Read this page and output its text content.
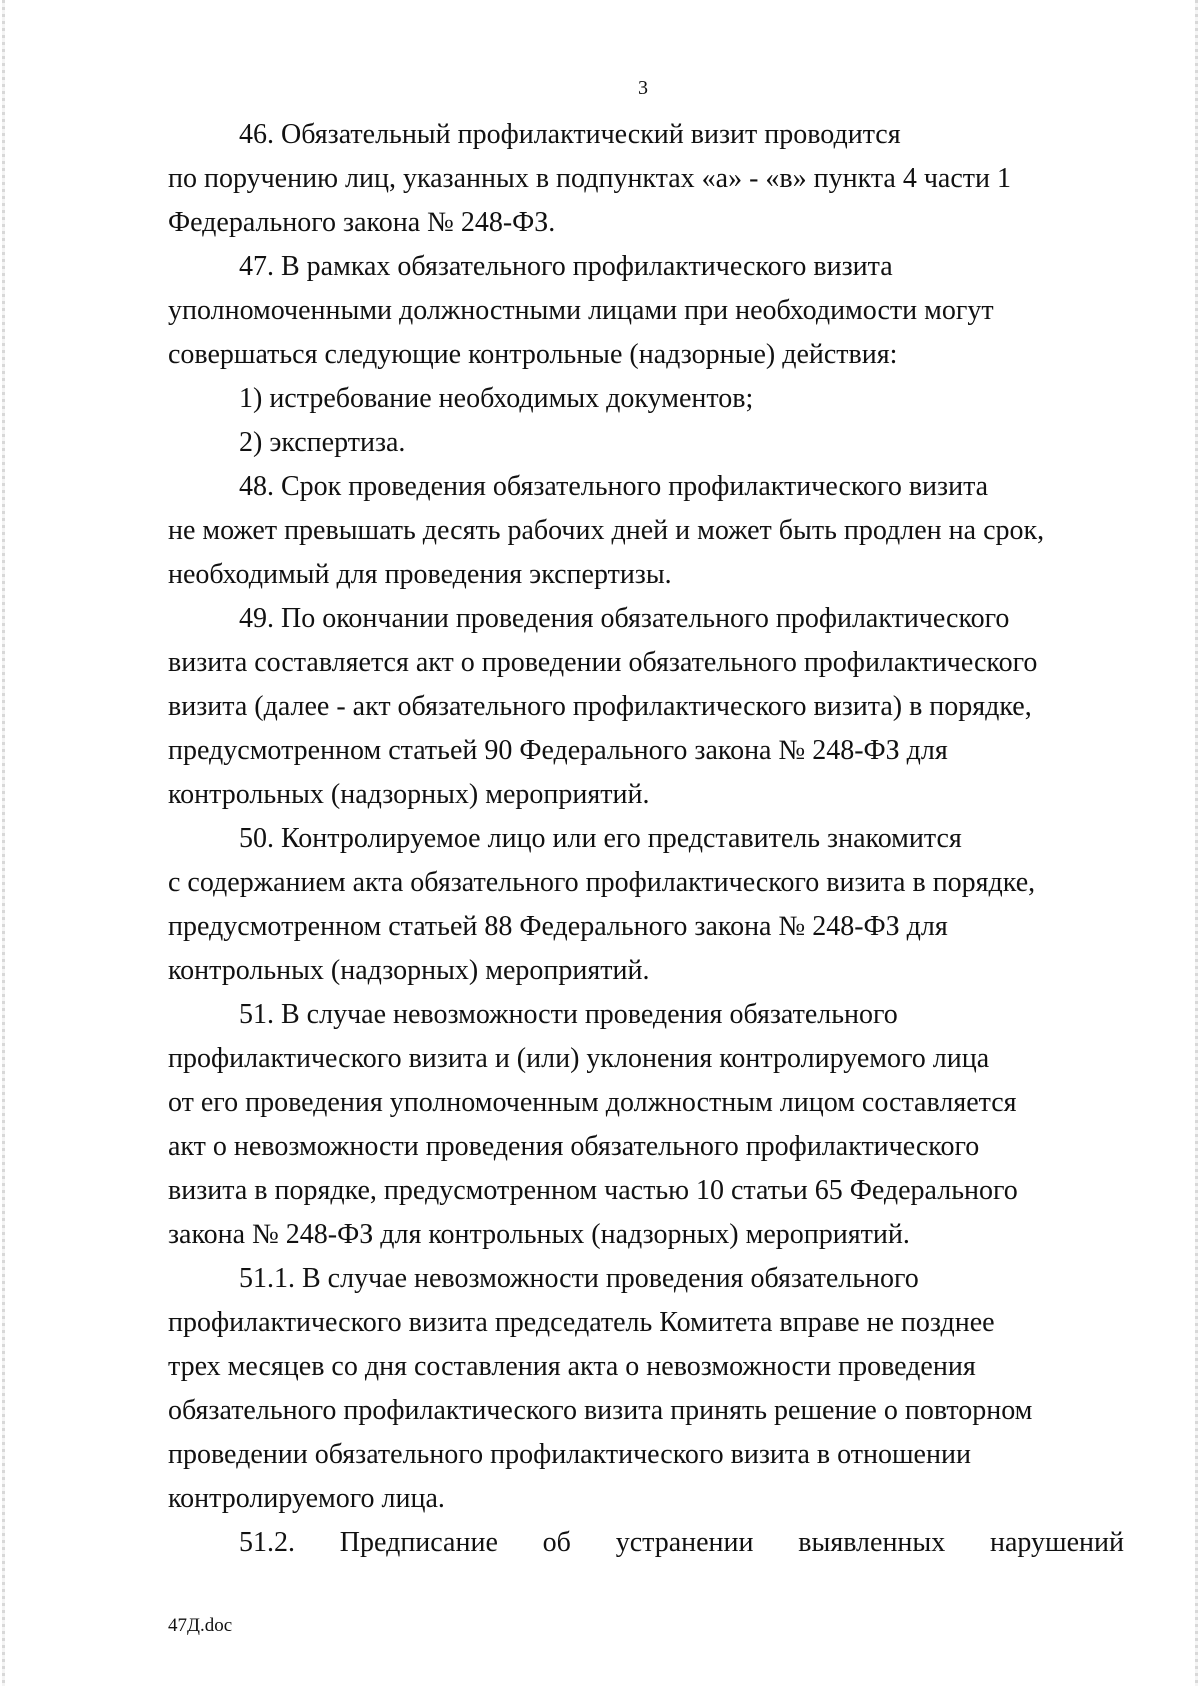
3

46. Обязательный профилактический визит проводится
по поручению лиц, указанных в подпунктах «а» - «в» пункта 4 части 1
Федерального закона № 248-ФЗ.

47. В рамках обязательного профилактического визита
уполномоченными должностными лицами при необходимости могут
совершаться следующие контрольные (надзорные) действия:

1) истребование необходимых документов;

2) экспертиза.

48. Срок проведения обязательного профилактического визита
не может превышать десять рабочих дней и может быть продлен на срок,
необходимый для проведения экспертизы.

49. По окончании проведения обязательного профилактического
визита составляется акт о проведении обязательного профилактического
визита (далее - акт обязательного профилактического визита) в порядке,
предусмотренном статьей 90 Федерального закона № 248-ФЗ для
контрольных (надзорных) мероприятий.

50. Контролируемое лицо или его представитель знакомится
с содержанием акта обязательного профилактического визита в порядке,
предусмотренном статьей 88 Федерального закона № 248-ФЗ для
контрольных (надзорных) мероприятий.

51. В случае невозможности проведения обязательного
профилактического визита и (или) уклонения контролируемого лица
от его проведения уполномоченным должностным лицом составляется
акт о невозможности проведения обязательного профилактического
визита в порядке, предусмотренном частью 10 статьи 65 Федерального
закона № 248-ФЗ для контрольных (надзорных) мероприятий.

51.1. В случае невозможности проведения обязательного
профилактического визита председатель Комитета вправе не позднее
трех месяцев со дня составления акта о невозможности проведения
обязательного профилактического визита принять решение о повторном
проведении обязательного профилактического визита в отношении
контролируемого лица.

51.2. Предписание об устранении выявленных нарушений

47Д.doc
